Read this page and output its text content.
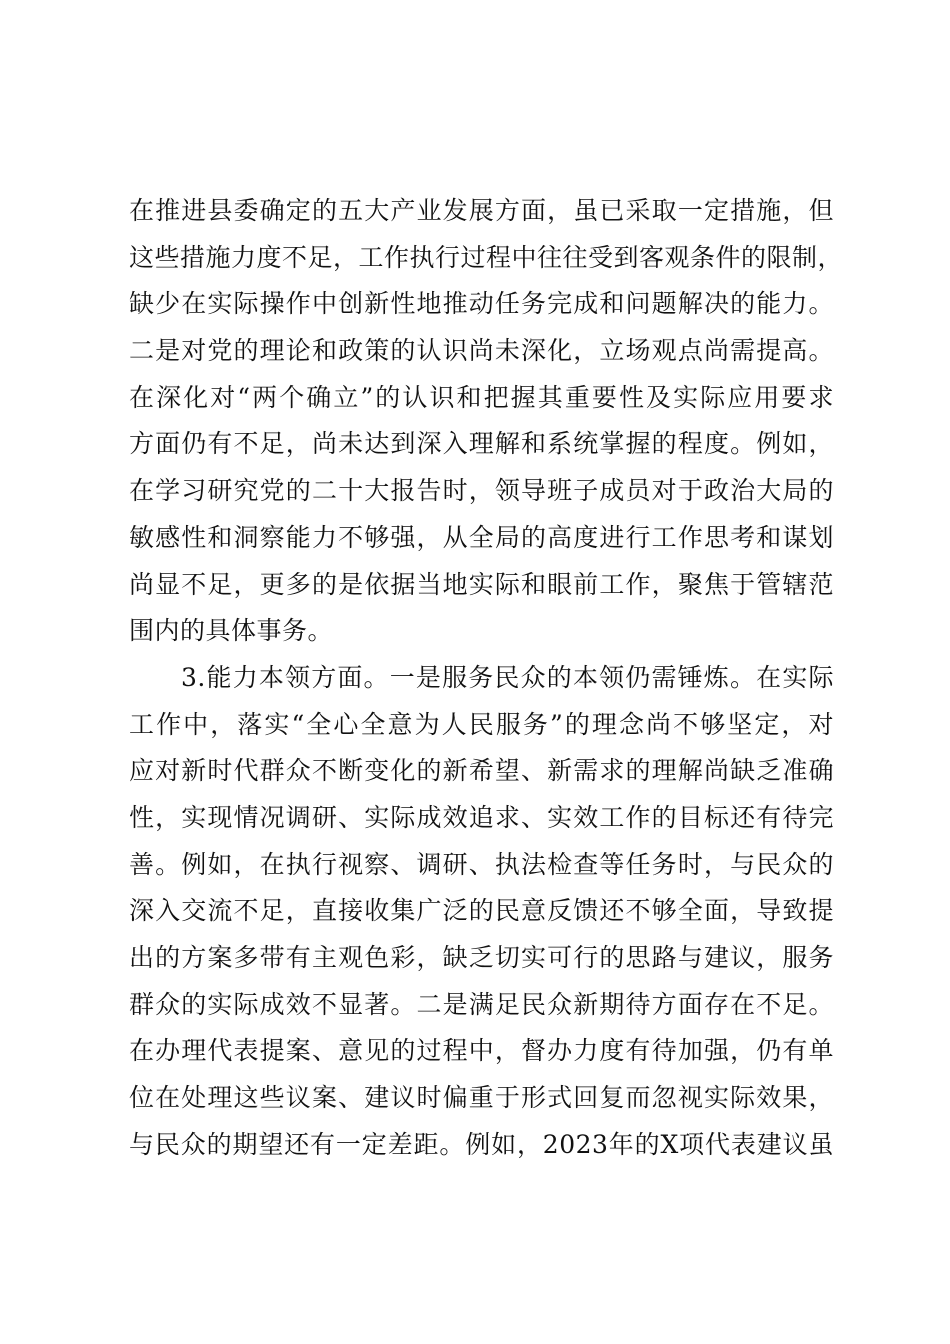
在推进县委确定的五大产业发展方面，虽已采取一定措施，但
这些措施力度不足，工作执行过程中往往受到客观条件的限制，
缺少在实际操作中创新性地推动任务完成和问题解决的能力。
二是对党的理论和政策的认识尚未深化，立场观点尚需提高。
在深化对“两个确立”的认识和把握其重要性及实际应用要求
方面仍有不足，尚未达到深入理解和系统掌握的程度。例如，
在学习研究党的二十大报告时，领导班子成员对于政治大局的
敏感性和洞察能力不够强，从全局的高度进行工作思考和谋划
尚显不足，更多的是依据当地实际和眼前工作，聚焦于管辖范
围内的具体事务。
3.能力本领方面。一是服务民众的本领仍需锤炼。在实际
工作中，落实“全心全意为人民服务”的理念尚不够坚定，对
应对新时代群众不断变化的新希望、新需求的理解尚缺乏准确
性，实现情况调研、实际成效追求、实效工作的目标还有待完
善。例如，在执行视察、调研、执法检查等任务时，与民众的
深入交流不足，直接收集广泛的民意反馈还不够全面，导致提
出的方案多带有主观色彩，缺乏切实可行的思路与建议，服务
群众的实际成效不显著。二是满足民众新期待方面存在不足。
在办理代表提案、意见的过程中，督办力度有待加强，仍有单
位在处理这些议案、建议时偏重于形式回复而忽视实际效果，
与民众的期望还有一定差距。例如，2023年的X项代表建议虽
